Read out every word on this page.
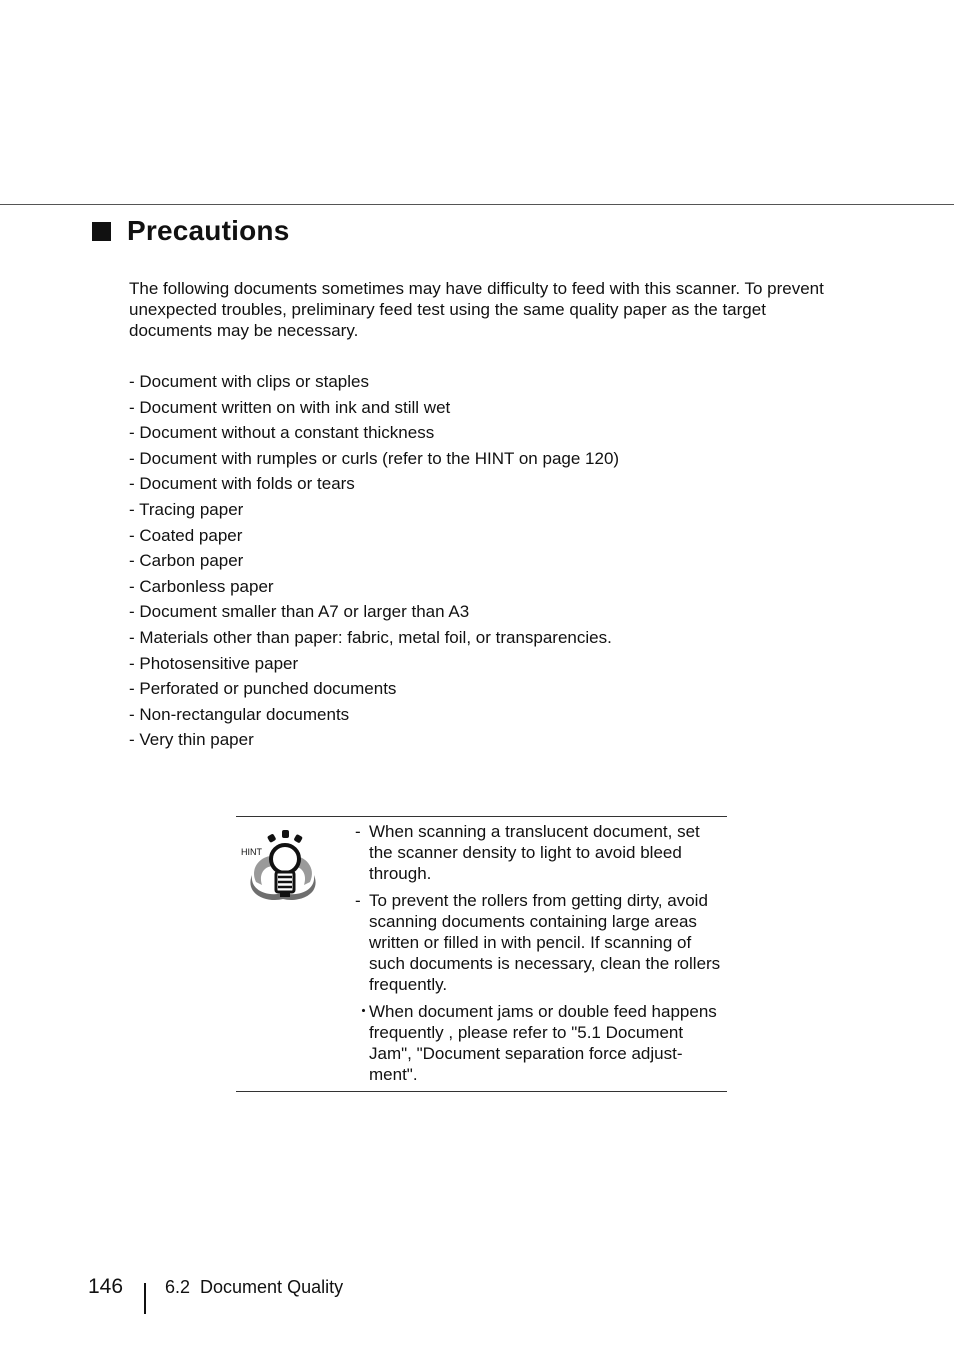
Precautions

The following documents sometimes may have difficulty to feed with this scanner. To prevent unexpected troubles, preliminary feed test using the same quality paper as the target documents may be necessary.

- Document with clips or staples
- Document written on with ink and still wet
- Document without a constant thickness
- Document with rumples or curls (refer to the HINT on page 120)
- Document with folds or tears
- Tracing paper
- Coated paper
- Carbon paper
- Carbonless paper
- Document smaller than A7 or larger than A3
- Materials other than paper: fabric, metal foil, or transparencies.
- Photosensitive paper
- Perforated or punched documents
- Non-rectangular documents
- Very thin paper
HINT
- When scanning a translucent document, set the scanner density to light to avoid bleed through.
- To prevent the rollers from getting dirty, avoid scanning documents containing large areas written or filled in with pencil. If scanning of such documents is necessary, clean the rollers frequently.
・
When document jams or double feed happens frequently , please refer to "5.1 Document Jam", "Document separation force adjust-ment".
146 6.2  Document Quality
